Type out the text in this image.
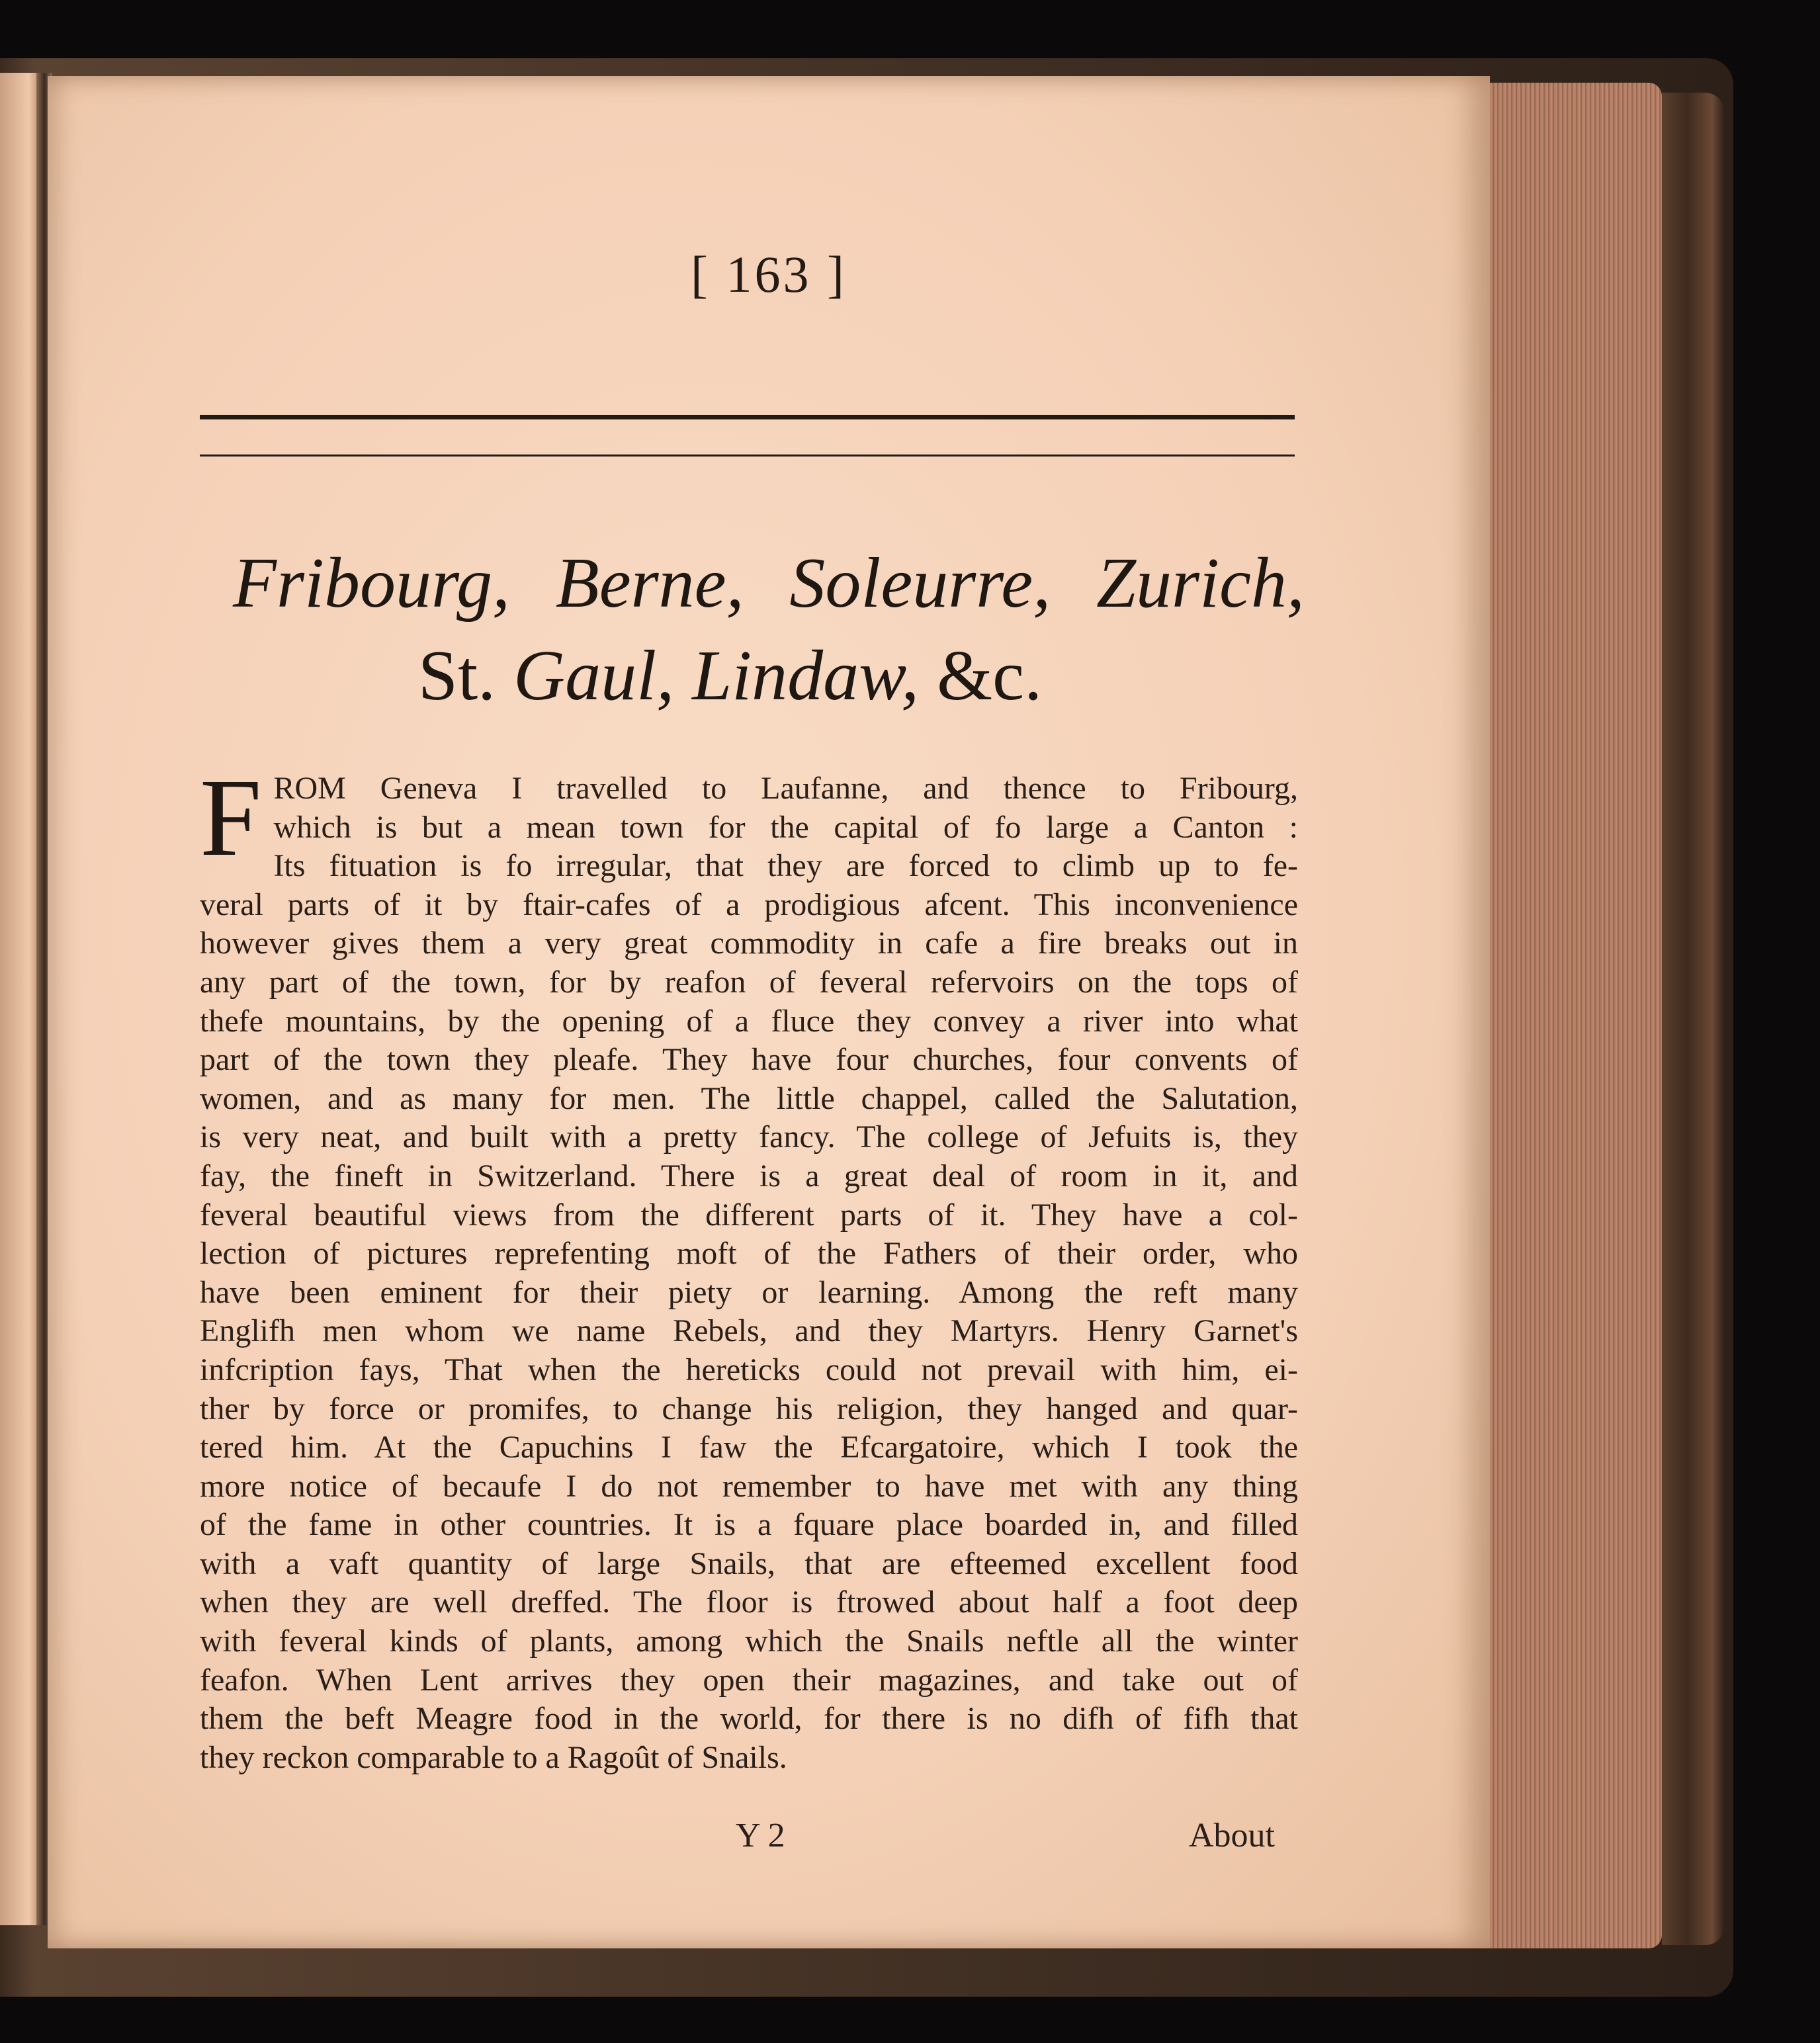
[ 163 ]
Fribourg, Berne, Soleurre, Zurich,
St. Gaul, Lindaw, &c.
F ROM Geneva I travelled to Laufanne, and thence to Fribourg,
which is but a mean town for the capital of fo large a Canton :
Its fituation is fo irregular, that they are forced to climb up to fe-
veral parts of it by ftair-cafes of a prodigious afcent. This inconvenience
however gives them a very great commodity in cafe a fire breaks out in
any part of the town, for by reafon of feveral refervoirs on the tops of
thefe mountains, by the opening of a fluce they convey a river into what
part of the town they pleafe. They have four churches, four convents of
women, and as many for men. The little chappel, called the Salutation,
is very neat, and built with a pretty fancy. The college of Jefuits is, they
fay, the fineft in Switzerland. There is a great deal of room in it, and
feveral beautiful views from the different parts of it. They have a col-
lection of pictures reprefenting moft of the Fathers of their order, who
have been eminent for their piety or learning. Among the reft many
Englifh men whom we name Rebels, and they Martyrs. Henry Garnet's
infcription fays, That when the hereticks could not prevail with him, ei-
ther by force or promifes, to change his religion, they hanged and quar-
tered him. At the Capuchins I faw the Efcargatoire, which I took the
more notice of becaufe I do not remember to have met with any thing
of the fame in other countries. It is a fquare place boarded in, and filled
with a vaft quantity of large Snails, that are efteemed excellent food
when they are well dreffed. The floor is ftrowed about half a foot deep
with feveral kinds of plants, among which the Snails neftle all the winter
feafon. When Lent arrives they open their magazines, and take out of
them the beft Meagre food in the world, for there is no difh of fifh that
they reckon comparable to a Ragoût of Snails.
Y 2	About
